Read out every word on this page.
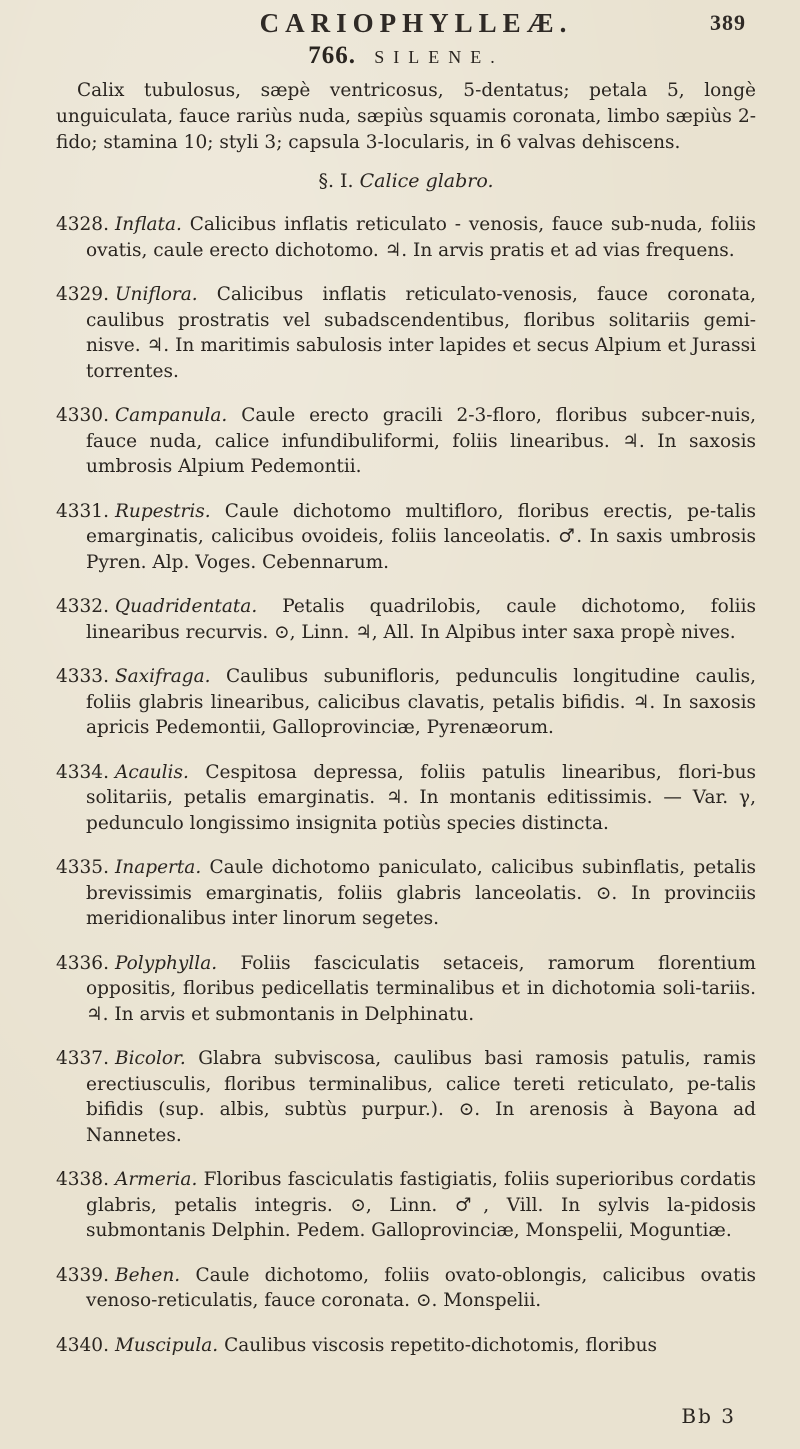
CARIOPHYLLEÆ.	389
766. SILENE.

Calix tubulosus, sæpè ventricosus, 5-dentatus; petala 5, longè unguiculata, fauce rariùs nuda, sæpiùs squamis coronata, limbo sæpiùs 2-fido; stamina 10; styli 3; capsula 3-locularis, in 6 valvas dehiscens.

§. I. Calice glabro.

4328. Inflata. Calicibus inflatis reticulato - venosis, fauce sub-nuda, foliis ovatis, caule erecto dichotomo. ♃. In arvis pratis et ad vias frequens.

4329. Uniflora. Calicibus inflatis reticulato-venosis, fauce coronata, caulibus prostratis vel subadscendentibus, floribus solitariis gemi-nisve. ♃. In maritimis sabulosis inter lapides et secus Alpium et Jurassi torrentes.

4330. Campanula. Caule erecto gracili 2-3-floro, floribus subcer-nuis, fauce nuda, calice infundibuliformi, foliis linearibus. ♃. In saxosis umbrosis Alpium Pedemontii.

4331. Rupestris. Caule dichotomo multifloro, floribus erectis, pe-talis emarginatis, calicibus ovoideis, foliis lanceolatis. ♂. In saxis umbrosis Pyren. Alp. Voges. Cebennarum.

4332. Quadridentata. Petalis quadrilobis, caule dichotomo, foliis linearibus recurvis. ⊙, Linn. ♃, All. In Alpibus inter saxa propè nives.

4333. Saxifraga. Caulibus subunifloris, pedunculis longitudine caulis, foliis glabris linearibus, calicibus clavatis, petalis bifidis. ♃. In saxosis apricis Pedemontii, Galloprovinciæ, Pyrenæorum.

4334. Acaulis. Cespitosa depressa, foliis patulis linearibus, flori-bus solitariis, petalis emarginatis. ♃. In montanis editissimis. — Var. γ, pedunculo longissimo insignita potiùs species distincta.

4335. Inaperta. Caule dichotomo paniculato, calicibus subinflatis, petalis brevissimis emarginatis, foliis glabris lanceolatis. ⊙. In provinciis meridionalibus inter linorum segetes.

4336. Polyphylla. Foliis fasciculatis setaceis, ramorum florentium oppositis, floribus pedicellatis terminalibus et in dichotomia soli-tariis. ♃. In arvis et submontanis in Delphinatu.

4337. Bicolor. Glabra subviscosa, caulibus basi ramosis patulis, ramis erectiusculis, floribus terminalibus, calice tereti reticulato, pe-talis bifidis (sup. albis, subtùs purpur.). ⊙. In arenosis à Bayona ad Nannetes.

4338. Armeria. Floribus fasciculatis fastigiatis, foliis superioribus cordatis glabris, petalis integris. ⊙, Linn. ♂, Vill. In sylvis la-pidosis submontanis Delphin. Pedem. Galloprovinciæ, Monspelii, Moguntiæ.

4339. Behen. Caule dichotomo, foliis ovato-oblongis, calicibus ovatis venoso-reticulatis, fauce coronata. ⊙. Monspelii.

4340. Muscipula. Caulibus viscosis repetito-dichotomis, floribus

Bb 3
